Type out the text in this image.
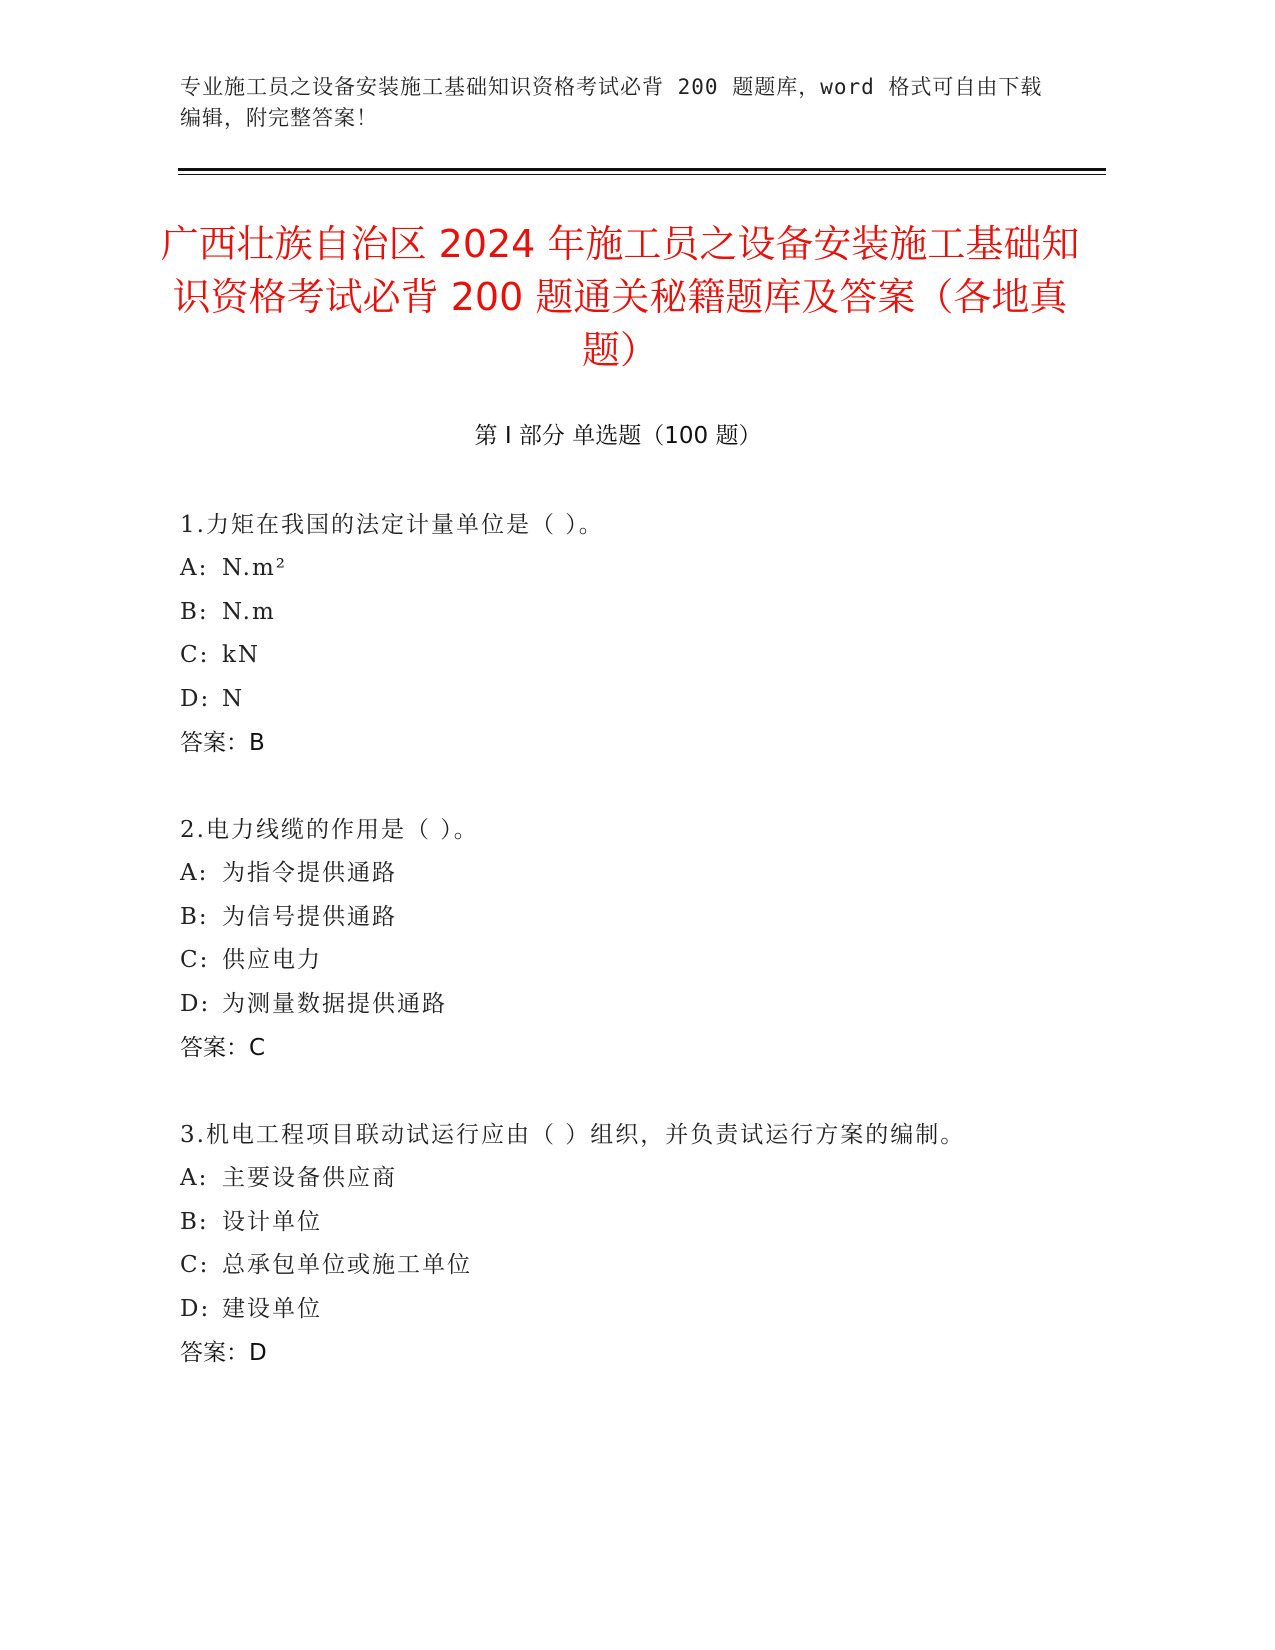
专业施工员之设备安装施工基础知识资格考试必背 200 题题库，word 格式可自由下载编辑，附完整答案！
广西壮族自治区 2024 年施工员之设备安装施工基础知识资格考试必背 200 题通关秘籍题库及答案（各地真题）
第 I 部分 单选题（100 题）
1.力矩在我国的法定计量单位是（ ）。
A: N.m²
B: N.m
C: kN
D: N
答案：B
2.电力线缆的作用是（ ）。
A: 为指令提供通路
B: 为信号提供通路
C: 供应电力
D: 为测量数据提供通路
答案：C
3.机电工程项目联动试运行应由（ ）组织，并负责试运行方案的编制。
A: 主要设备供应商
B: 设计单位
C: 总承包单位或施工单位
D: 建设单位
答案：D
